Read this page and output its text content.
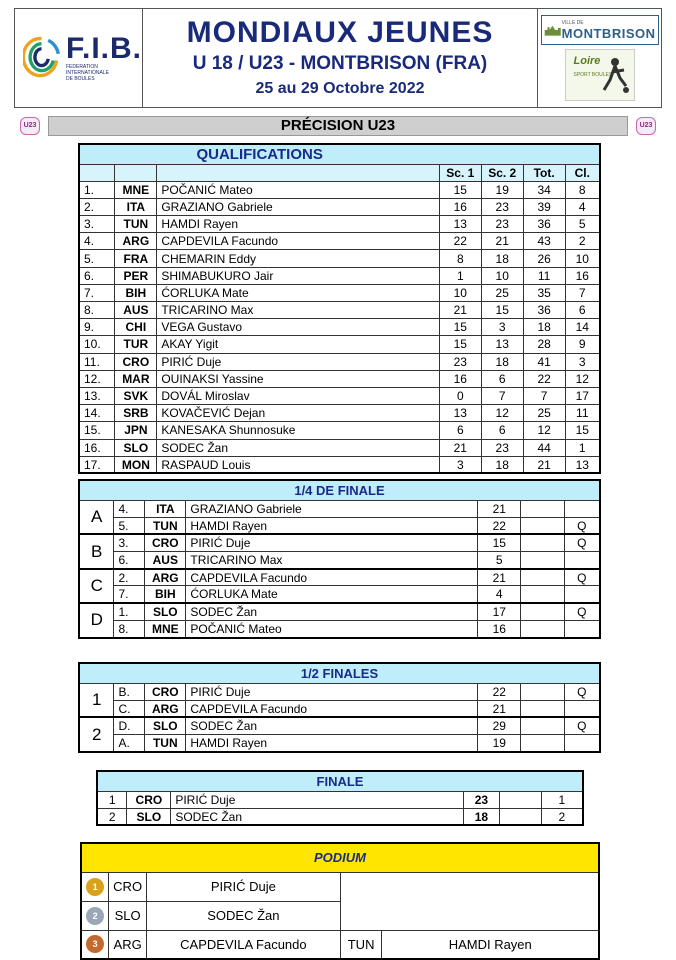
F.I.B.
FEDERATION
INTERNATIONALE
DE BOULES
MONDIAUX JEUNES
U 18 / U23 - MONTBRISON (FRA)
25 au 29 Octobre 2022
VILLE DE
MONTBRISON
Loire
SPORT BOULES
U23	PRÉCISION U23	U23
QUALIFICATIONS						
			Sc. 1	Sc. 2	Tot.	Cl.
1.	MNE	POČANIĆ Mateo	15	19	34	8
2.	ITA	GRAZIANO Gabriele	16	23	39	4
3.	TUN	HAMDI Rayen	13	23	36	5
4.	ARG	CAPDEVILA Facundo	22	21	43	2
5.	FRA	CHEMARIN Eddy	8	18	26	10
6.	PER	SHIMABUKURO Jair	1	10	11	16
7.	BIH	ĆORLUKA Mate	10	25	35	7
8.	AUS	TRICARINO Max	21	15	36	6
9.	CHI	VEGA Gustavo	15	3	18	14
10.	TUR	AKAY Yigit	15	13	28	9
11.	CRO	PIRIĆ Duje	23	18	41	3
12.	MAR	OUINAKSI Yassine	16	6	22	12
13.	SVK	DOVÁL Miroslav	0	7	7	17
14.	SRB	KOVAČEVIĆ Dejan	13	12	25	11
15.	JPN	KANESAKA Shunnosuke	6	6	12	15
16.	SLO	SODEC Žan	21	23	44	1
17.	MON	RASPAUD Louis	3	18	21	13
1/4 DE FINALE						
A	4.	ITA	GRAZIANO Gabriele	21		
	5.	TUN	HAMDI Rayen	22		Q
B	3.	CRO	PIRIĆ Duje	15		Q
	6.	AUS	TRICARINO Max	5		
C	2.	ARG	CAPDEVILA Facundo	21		Q
	7.	BIH	ĆORLUKA Mate	4		
D	1.	SLO	SODEC Žan	17		Q
	8.	MNE	POČANIĆ Mateo	16		
1/2 FINALES						
1	B.	CRO	PIRIĆ Duje	22		Q
	C.	ARG	CAPDEVILA Facundo	21		
2	D.	SLO	SODEC Žan	29		Q
	A.	TUN	HAMDI Rayen	19		
FINALE					
1	CRO	PIRIĆ Duje	23		1
2	SLO	SODEC Žan	18		2
PODIUM				
1	CRO	PIRIĆ Duje		
2	SLO	SODEC Žan		
3	ARG	CAPDEVILA Facundo	TUN	HAMDI Rayen
